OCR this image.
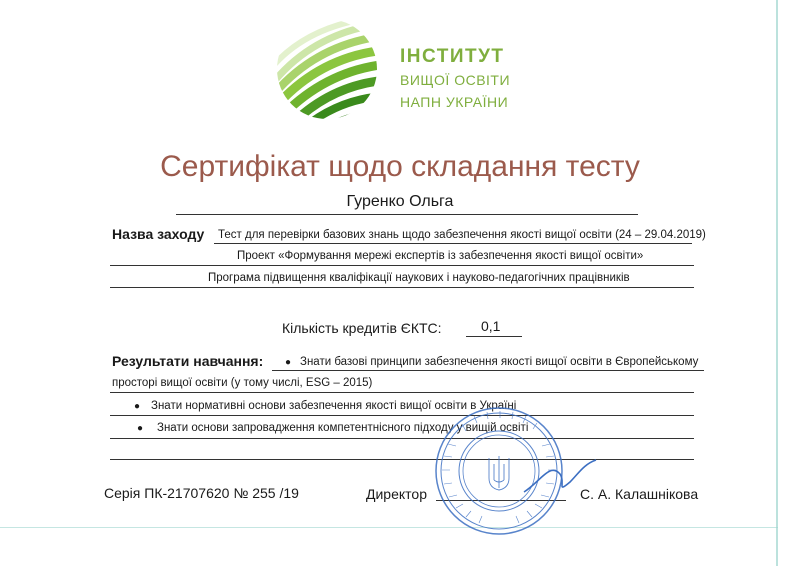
ІНСТИТУТ
ВИЩОЇ ОСВІТИ
НАПН УКРАЇНИ
Сертифікат щодо складання тесту
Гуренко Ольга
Назва заходу Тест для перевірки базових знань щодо забезпечення якості вищої освіти (24 – 29.04.2019)
Проект «Формування мережі експертів із забезпечення якості вищої освіти»
Програма підвищення кваліфікації наукових і науково-педагогічних працівників
Кількість кредитів ЄКТС:	0,1
Результати навчання: ● Знати базові принципи забезпечення якості вищої освіти в Європейському
просторі вищої освіти (у тому числі, ESG – 2015)
● Знати нормативні основи забезпечення якості вищої освіти в Україні
● Знати основи запровадження компетентнісного підходу у вищій освіті
Серія ПК-21707620 № 255 /19	Директор	С. А. Калашнікова
